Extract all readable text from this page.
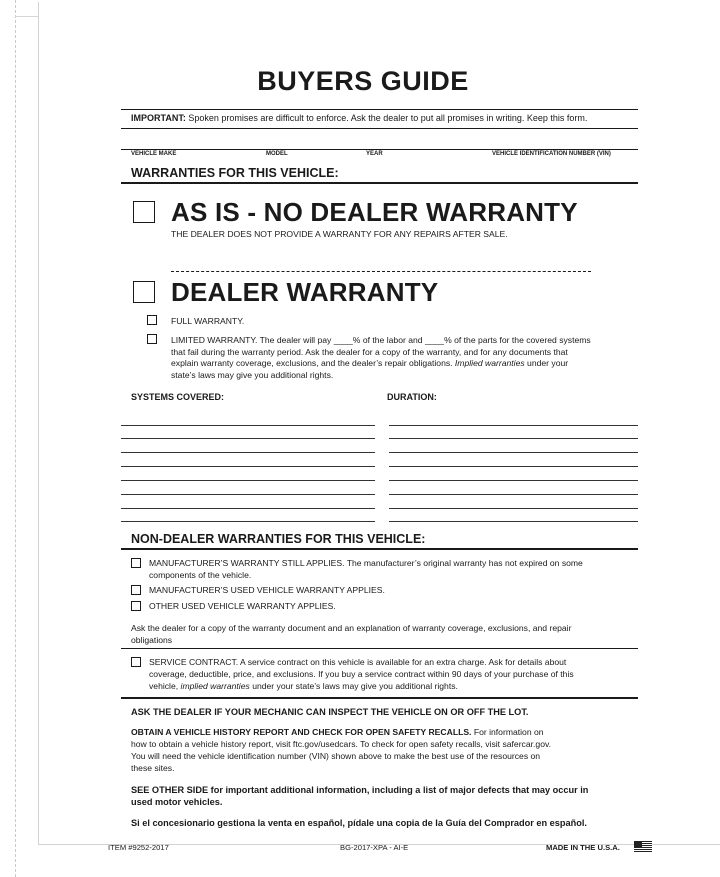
BUYERS GUIDE
IMPORTANT: Spoken promises are difficult to enforce. Ask the dealer to put all promises in writing. Keep this form.
VEHICLE MAKE	MODEL	YEAR	VEHICLE IDENTIFICATION NUMBER (VIN)
WARRANTIES FOR THIS VEHICLE:
AS IS - NO DEALER WARRANTY
THE DEALER DOES NOT PROVIDE A WARRANTY FOR ANY REPAIRS AFTER SALE.
DEALER WARRANTY
FULL WARRANTY.
LIMITED WARRANTY. The dealer will pay ____% of the labor and ____% of the parts for the covered systems
that fail during the warranty period. Ask the dealer for a copy of the warranty, and for any documents that
explain warranty coverage, exclusions, and the dealer’s repair obligations. Implied warranties under your
state’s laws may give you additional rights.
SYSTEMS COVERED:	DURATION:
NON-DEALER WARRANTIES FOR THIS VEHICLE:
MANUFACTURER’S WARRANTY STILL APPLIES. The manufacturer’s original warranty has not expired on some
components of the vehicle.
MANUFACTURER’S USED VEHICLE WARRANTY APPLIES.
OTHER USED VEHICLE WARRANTY APPLIES.
Ask the dealer for a copy of the warranty document and an explanation of warranty coverage, exclusions, and repair
obligations
SERVICE CONTRACT. A service contract on this vehicle is available for an extra charge. Ask for details about
coverage, deductible, price, and exclusions. If you buy a service contract within 90 days of your purchase of this
vehicle, implied warranties under your state’s laws may give you additional rights.
ASK THE DEALER IF YOUR MECHANIC CAN INSPECT THE VEHICLE ON OR OFF THE LOT.
OBTAIN A VEHICLE HISTORY REPORT AND CHECK FOR OPEN SAFETY RECALLS. For information on
how to obtain a vehicle history report, visit ftc.gov/usedcars. To check for open safety recalls, visit safercar.gov.
You will need the vehicle identification number (VIN) shown above to make the best use of the resources on
these sites.
SEE OTHER SIDE for important additional information, including a list of major defects that may occur in
used motor vehicles.
Si el concesionario gestiona la venta en español, pídale una copia de la Guía del Comprador en español.
ITEM #9252-2017	BG-2017-XPA - AI-E	MADE IN THE U.S.A.
